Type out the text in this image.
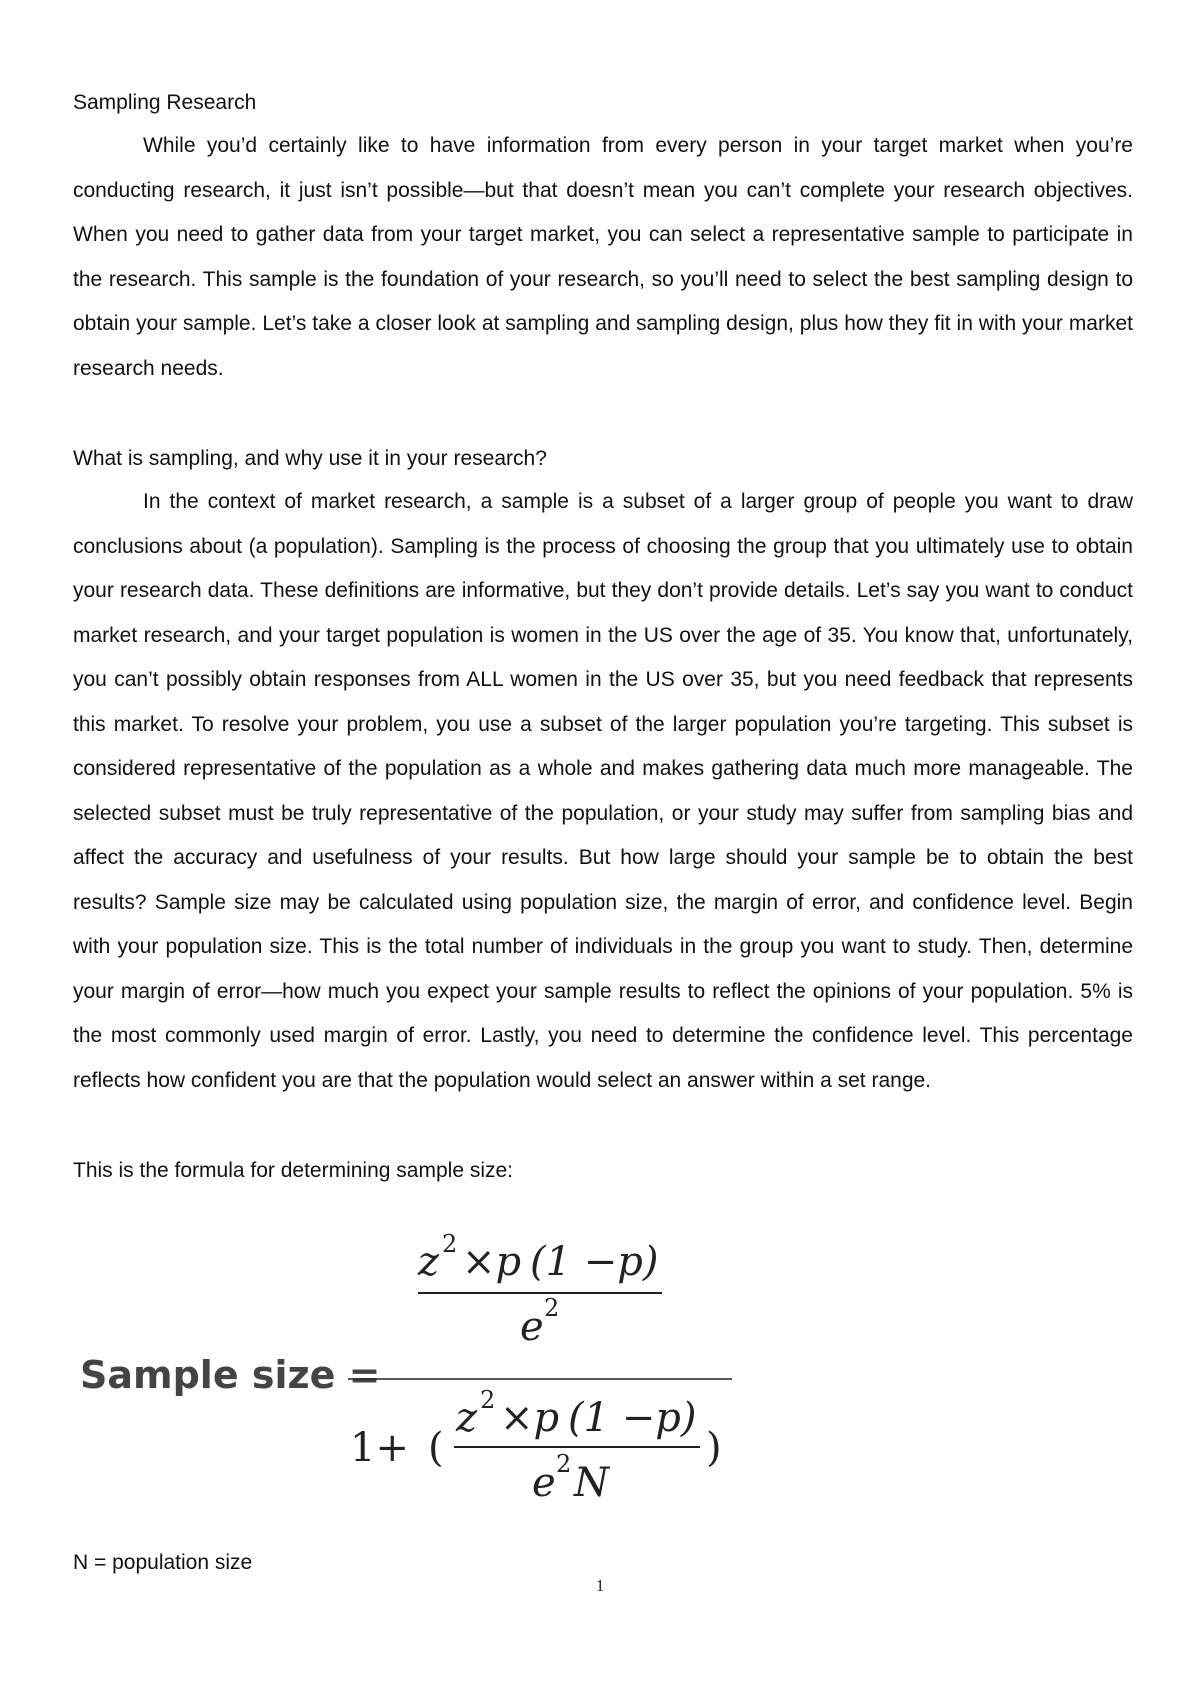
Sampling Research

While you’d certainly like to have information from every person in your target market when you’re conducting research, it just isn’t possible—but that doesn’t mean you can’t complete your research objectives. When you need to gather data from your target market, you can select a representative sample to participate in the research. This sample is the foundation of your research, so you’ll need to select the best sampling design to obtain your sample. Let’s take a closer look at sampling and sampling design, plus how they fit in with your market research needs.

What is sampling, and why use it in your research?

In the context of market research, a sample is a subset of a larger group of people you want to draw conclusions about (a population). Sampling is the process of choosing the group that you ultimately use to obtain your research data. These definitions are informative, but they don’t provide details. Let’s say you want to conduct market research, and your target population is women in the US over the age of 35. You know that, unfortunately, you can’t possibly obtain responses from ALL women in the US over 35, but you need feedback that represents this market. To resolve your problem, you use a subset of the larger population you’re targeting. This subset is considered representative of the population as a whole and makes gathering data much more manageable. The selected subset must be truly representative of the population, or your study may suffer from sampling bias and affect the accuracy and usefulness of your results. But how large should your sample be to obtain the best results? Sample size may be calculated using population size, the margin of error, and confidence level. Begin with your population size. This is the total number of individuals in the group you want to study. Then, determine your margin of error—how much you expect your sample results to reflect the opinions of your population. 5% is the most commonly used margin of error. Lastly, you need to determine the confidence level. This percentage reflects how confident you are that the population would select an answer within a set range.

This is the formula for determining sample size:

Sample size =
z 2 ×p (1 −p)
e 2
1+ (
z 2 ×p (1 −p)
e 2 N
)

N = population size

1
